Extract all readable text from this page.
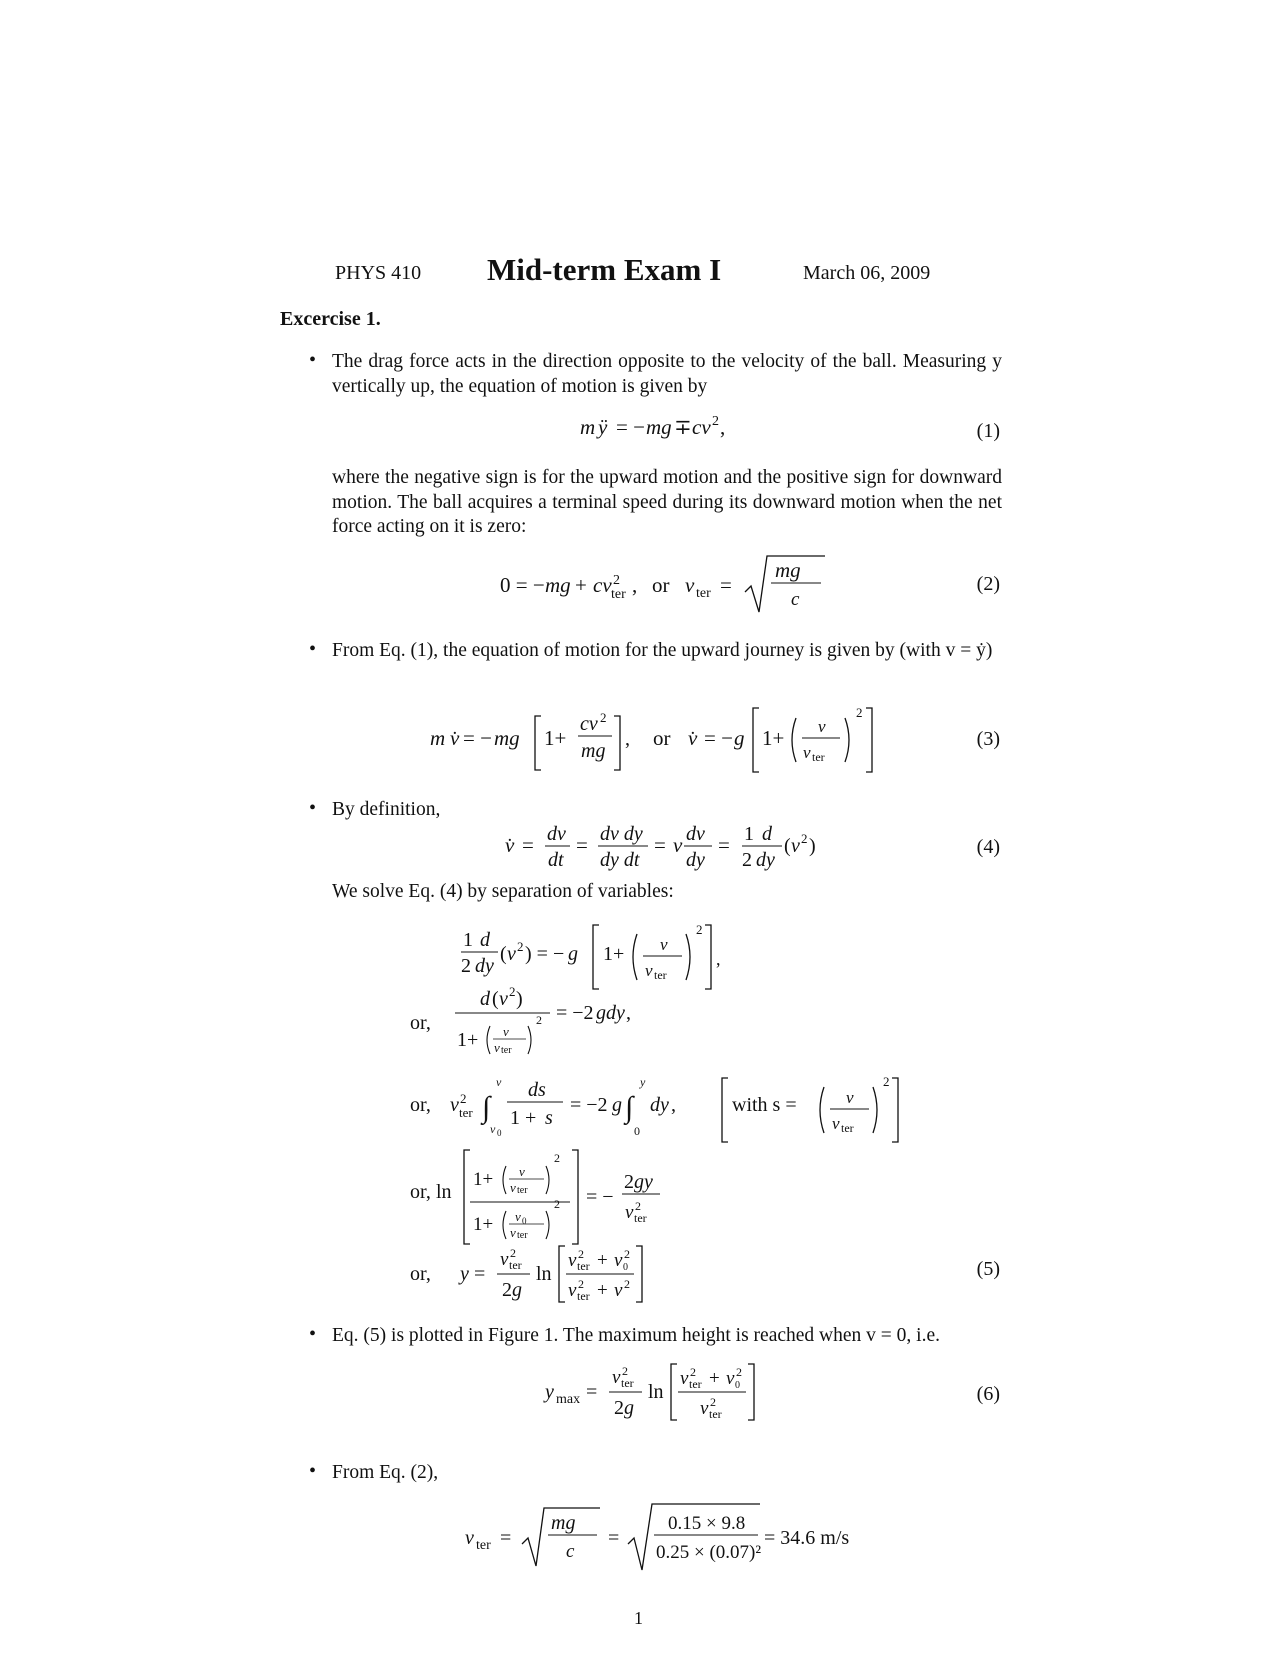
PHYS 410 Mid-term Exam I	March 06, 2009
Excercise 1.
• The drag force acts in the direction opposite to the velocity of the ball. Measuring y vertically up, the equation of motion is given by
m ÿ = − mg ∓ cv 2 ,	(1)
where the negative sign is for the upward motion and the positive sign for downward motion. The ball acquires a terminal speed during its downward motion when the net force acting on it is zero:
0 = − mg + cv 2
ter , or v ter =
mg
c
(2)
• From Eq. (1), the equation of motion for the upward journey is given by (with v = ẏ)
m v̇ = − mg 1+
cv 2
mg
, or v̇ = − g 1+ v
v ter
2
(3)
• By definition,
v̇ = dv
dt
= dv dy
dy dt
= v dv
dy
= 1 d
2 dy
( v 2 )	(4)
We solve Eq. (4) by separation of variables:
1 d
2 dy
( v 2 ) = − g 1+ v
v ter
2
,
or,
d ( v 2 )
1+ v
v ter
2 = −2 gdy ,
or, v 2
ter ∫
v
v 0
ds
1 + s
= −2 g ∫
y
0
dy ,	with s =	v
v ter
2
or, ln
1+ v
v ter
2
1+ v 0
v ter
2 = −
2 gy
v 2
ter
or, y =
v 2
ter
2 g
ln
v 2
ter + v 2
0
v 2
ter + v 2
(5)
• Eq. (5) is plotted in Figure 1. The maximum height is reached when v = 0, i.e.
y max =
v 2
ter
2 g
ln
v 2
ter + v 2
0
v 2
ter
(6)
• From Eq. (2),
v ter =
mg
c
=
0.15 × 9.8
0.25 × (0.07)²
= 34.6 m/s
1
